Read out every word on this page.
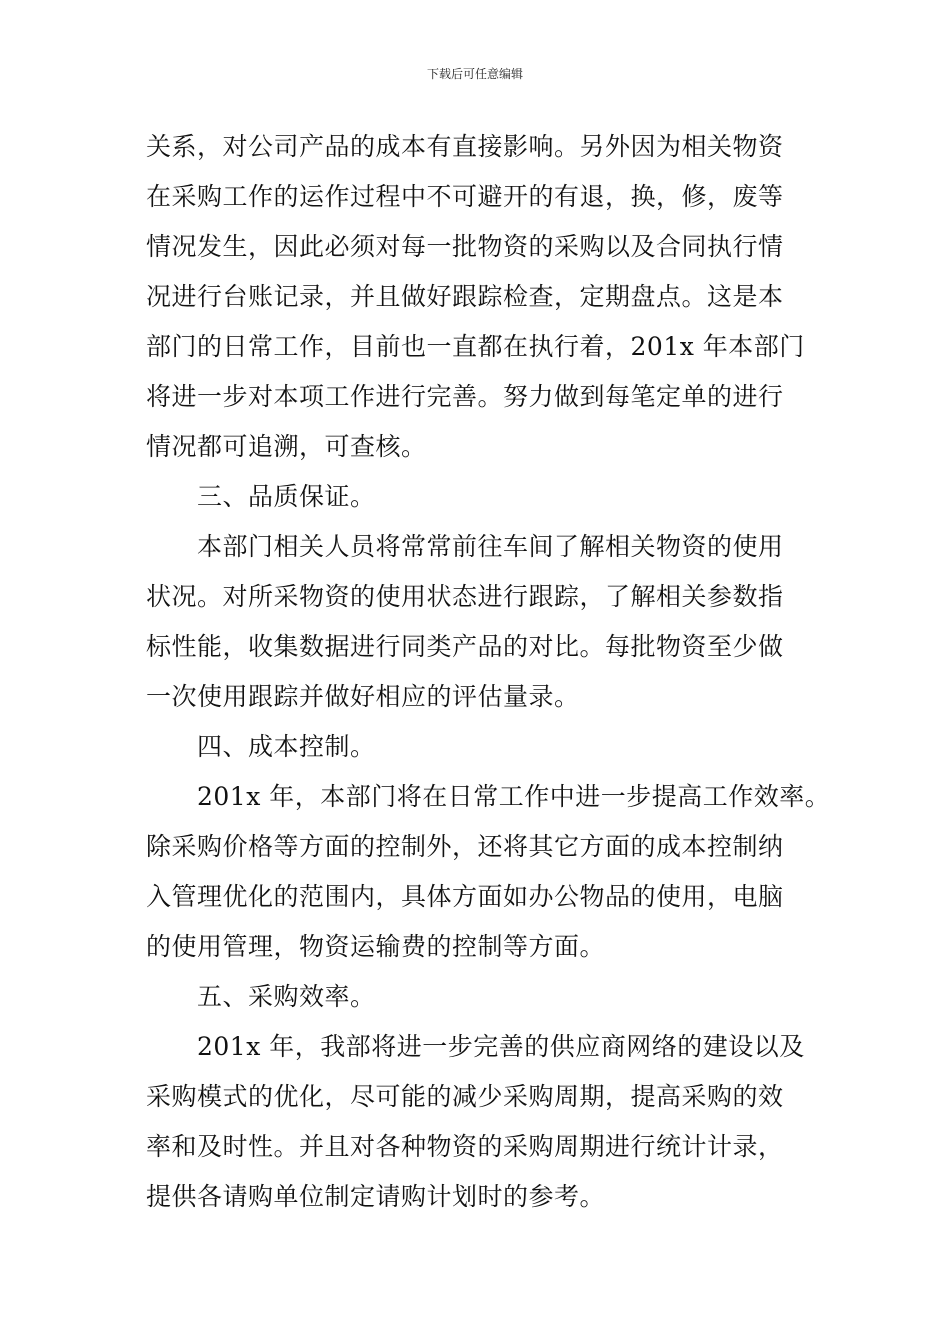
下载后可任意编辑
关系，对公司产品的成本有直接影响。另外因为相关物资
在采购工作的运作过程中不可避开的有退，换，修，废等
情况发生，因此必须对每一批物资的采购以及合同执行情
况进行台账记录，并且做好跟踪检查，定期盘点。这是本
部门的日常工作，目前也一直都在执行着，201x 年本部门
将进一步对本项工作进行完善。努力做到每笔定单的进行
情况都可追溯，可查核。
三、品质保证。
本部门相关人员将常常前往车间了解相关物资的使用
状况。对所采物资的使用状态进行跟踪，了解相关参数指
标性能，收集数据进行同类产品的对比。每批物资至少做
一次使用跟踪并做好相应的评估量录。
四、成本控制。
201x 年，本部门将在日常工作中进一步提高工作效率。
除采购价格等方面的控制外，还将其它方面的成本控制纳
入管理优化的范围内，具体方面如办公物品的使用，电脑
的使用管理，物资运输费的控制等方面。
五、采购效率。
201x 年，我部将进一步完善的供应商网络的建设以及
采购模式的优化，尽可能的减少采购周期，提高采购的效
率和及时性。并且对各种物资的采购周期进行统计计录，
提供各请购单位制定请购计划时的参考。
